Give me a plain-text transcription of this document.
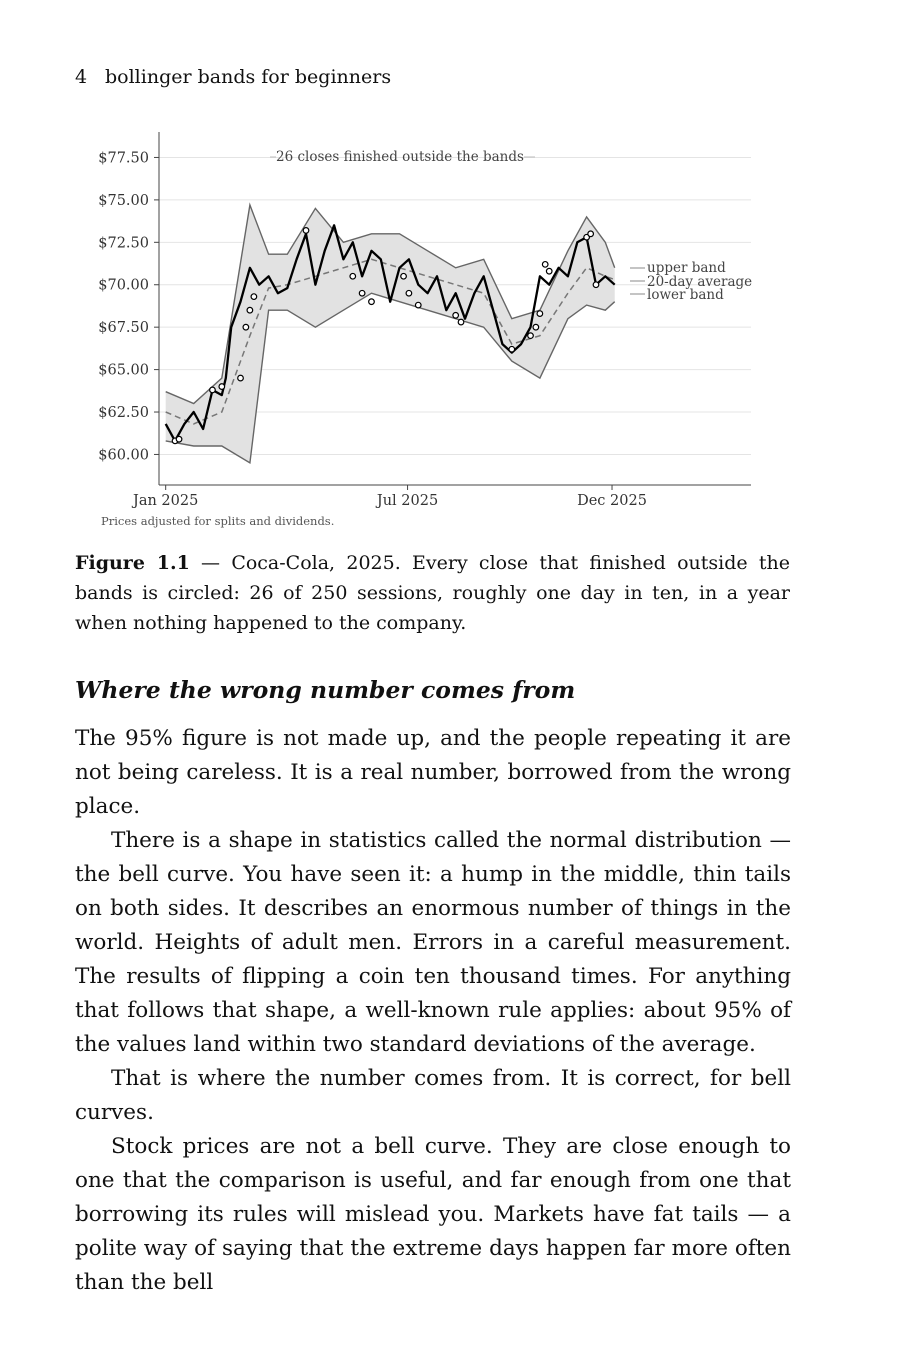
4 bollinger bands for beginners
$60.00
$62.50
$65.00
$67.50
$70.00
$72.50
$75.00
$77.50
Jan 2025	Jul 2025	Dec 2025
26 closes finished outside the bands
upper band
20-day average
lower band
Prices adjusted for splits and dividends.
Figure 1.1 — Coca-Cola, 2025. Every close that finished outside the bands is circled: 26 of 250 sessions, roughly one day in ten, in a year when nothing happened to the company.
Where the wrong number comes from

The 95% figure is not made up, and the people repeating it are not being careless. It is a real number, borrowed from the wrong place.

There is a shape in statistics called the normal distribution — the bell curve. You have seen it: a hump in the middle, thin tails on both sides. It describes an enormous number of things in the world. Heights of adult men. Errors in a careful measurement. The results of flipping a coin ten thousand times. For anything that follows that shape, a well-known rule applies: about 95% of the values land within two standard deviations of the average.

That is where the number comes from. It is correct, for bell curves.

Stock prices are not a bell curve. They are close enough to one that the comparison is useful, and far enough from one that borrowing its rules will mislead you. Markets have fat tails — a polite way of saying that the extreme days happen far more often than the bell
